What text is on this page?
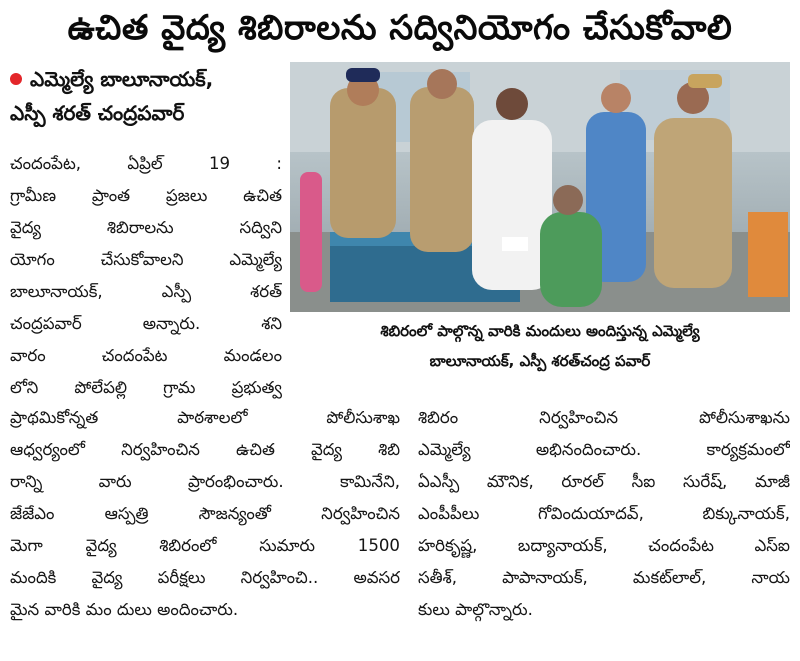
ఉచిత వైద్య శిబిరాలను సద్వినియోగం చేసుకోవాలి
ఎమ్మెల్యే బాలూనాయక్,
ఎస్పీ శరత్ చంద్రపవార్
శిబిరంలో పాల్గొన్న వారికి మందులు అందిస్తున్న ఎమ్మెల్యే
బాలూనాయక్, ఎస్పీ శరత్‌చంద్ర పవార్
చందంపేట, ఏప్రిల్ 19 :
గ్రామీణ ప్రాంత ప్రజలు ఉచిత
వైద్య శిబిరాలను సద్విని
యోగం చేసుకోవాలని ఎమ్మెల్యే
బాలూనాయక్, ఎస్పీ శరత్
చంద్రపవార్ అన్నారు. శని
వారం చందంపేట మండలం
లోని పోలేపల్లి గ్రామ ప్రభుత్వ
ప్రాథమికోన్నత పాఠశాలలో పోలీసుశాఖ
ఆధ్వర్యంలో నిర్వహించిన ఉచిత వైద్య శిబి
రాన్ని వారు ప్రారంభించారు. కామినేని,
జేజేఎం ఆస్పత్రి సౌజన్యంతో నిర్వహించిన
మెగా వైద్య శిబిరంలో సుమారు 1500
మందికి వైద్య పరీక్షలు నిర్వహించి.. అవసర
మైన వారికి మం దులు అందించారు.
శిబిరం నిర్వహించిన పోలీసుశాఖను
ఎమ్మెల్యే అభినందించారు. కార్యక్రమంలో
ఏఎస్పీ మౌనిక, రూరల్ సీఐ సురేష్, మాజీ
ఎంపీపీలు గోవిందుయాదవ్, బిక్కునాయక్,
హరికృష్ణ, బద్యానాయక్, చందంపేట ఎస్ఐ
సతీశ్, పాపానాయక్, మకట్‌లాల్, నాయ
కులు పాల్గొన్నారు.
